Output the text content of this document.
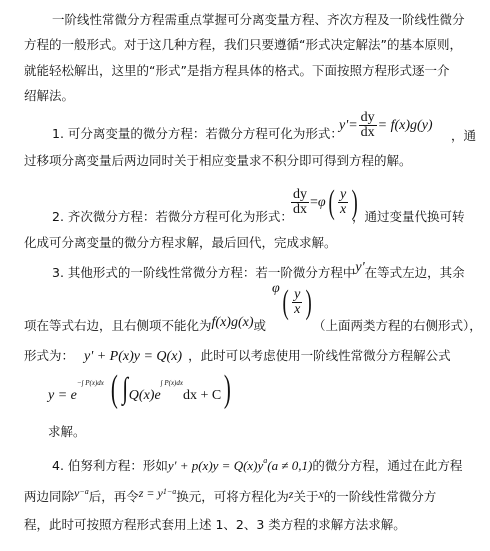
一阶线性常微分方程需重点掌握可分离变量方程、齐次方程及一阶线性微分
方程的一般形式。对于这几种方程，我们只要遵循“形式决定解法”的基本原则，
就能轻松解出，这里的“形式”是指方程具体的格式。下面按照方程形式逐一介
绍解法。
1. 可分离变量的微分方程：若微分方程可化为形式：
$y'= \frac{dy}{dx} = f(x)g(y)$
，通
过移项分离变量后两边同时关于相应变量求不积分即可得到方程的解。
2. 齐次微分方程：若微分方程可化为形式：
$\frac{dy}{dx} =\varphi( \frac{y}{x}$ )
，通过变量代换可转
化成可分离变量的微分方程求解，最后回代，完成求解。
3. 其他形式的一阶线性常微分方程：若一阶微分方程中y'在等式左边，其余
项在等式右边，且右侧项不能化为f(x)g(x)或
$\varphi( \frac{y}{x}$ )
（上面两类方程的右侧形式），
形式为： y' + P(x)y = Q(x) ，此时可以考虑使用一阶线性常微分方程解公式
$y = e^{-\int P(x)dx}$ ( $\int Q(x)e^{\int P(x)dx}dx + C$)
求解。
4. 伯努利方程：形如$y' + p(x)y = Q(x)y^a(a \ne 0,1)$的微分方程，通过在此方程
两边同除$y^{-a}$后，再令$z = y^{1-a}$换元，可将方程化为z关于x的一阶线性常微分方
程，此时可按照方程形式套用上述 1、2、3 类方程的求解方法求解。
